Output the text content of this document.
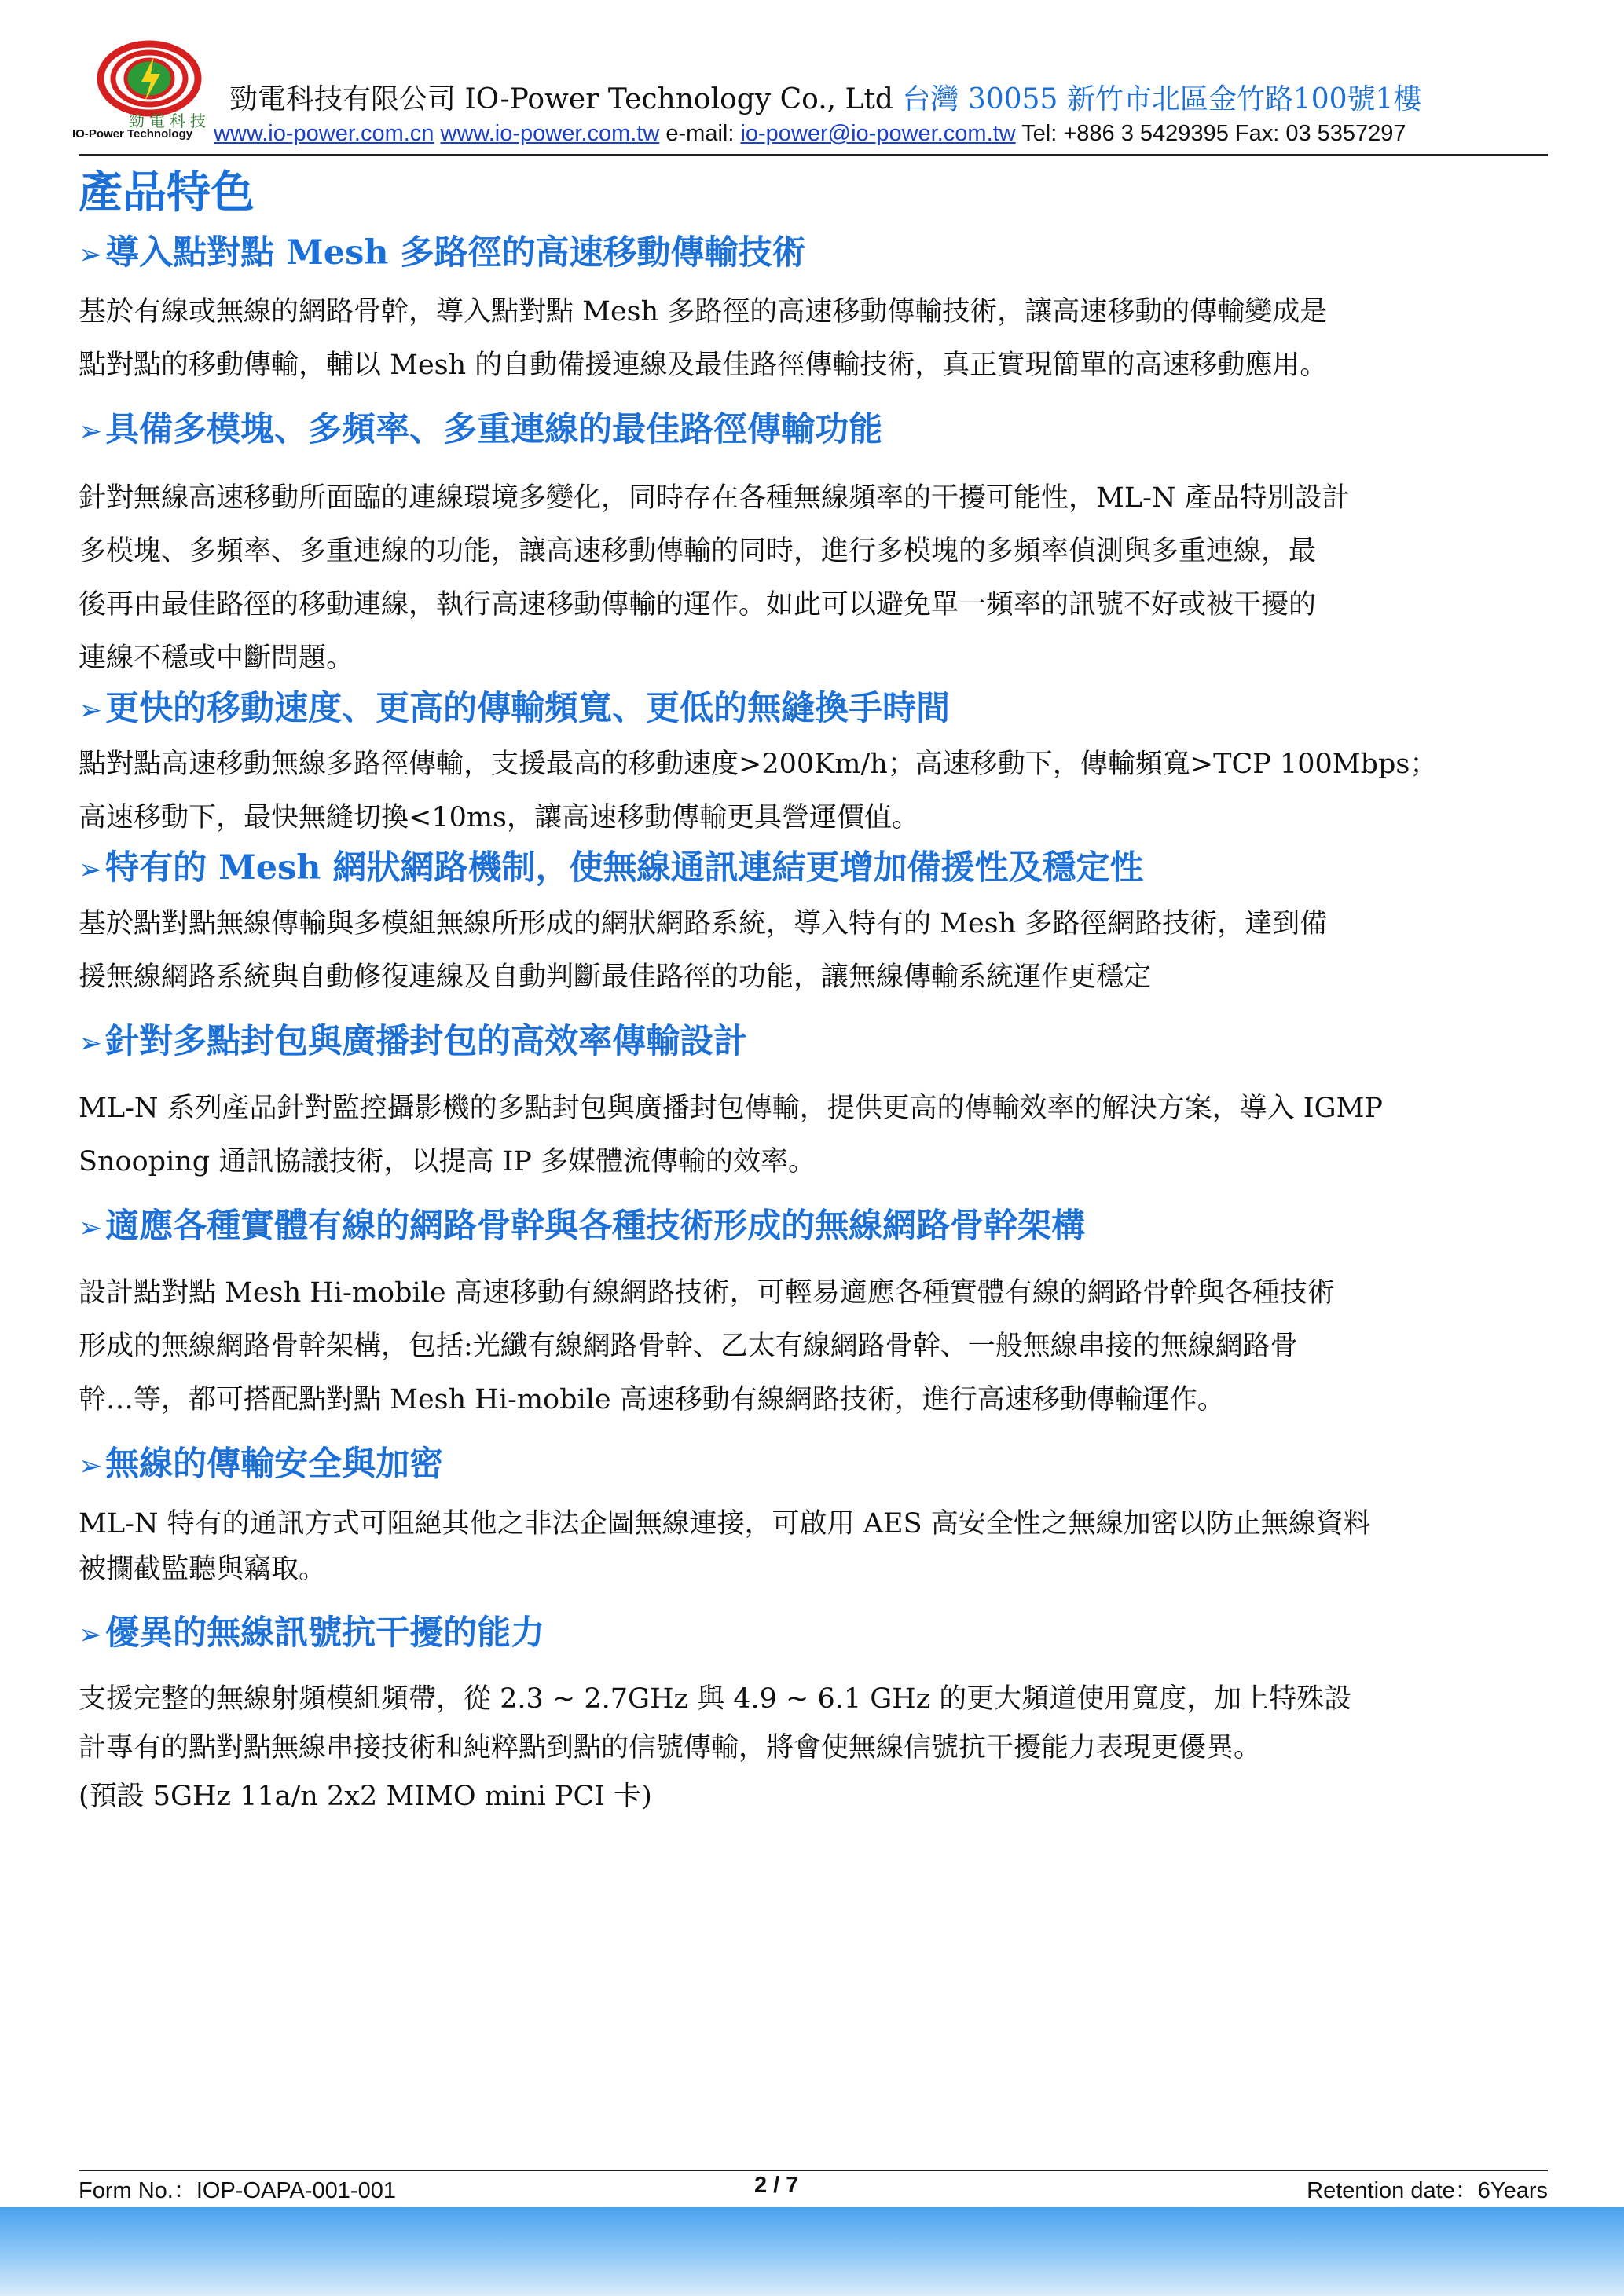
勁電科技
IO-Power Technology
勁電科技有限公司 IO-Power Technology Co., Ltd 台灣 30055 新竹市北區金竹路100號1樓
www.io-power.com.cn www.io-power.com.tw e-mail: io-power@io-power.com.tw Tel: +886 3 5429395 Fax: 03 5357297
產品特色
➢導入點對點 Mesh 多路徑的高速移動傳輸技術

基於有線或無線的網路骨幹，導入點對點 Mesh 多路徑的高速移動傳輸技術，讓高速移動的傳輸變成是
點對點的移動傳輸，輔以 Mesh 的自動備援連線及最佳路徑傳輸技術，真正實現簡單的高速移動應用。

➢具備多模塊、多頻率、多重連線的最佳路徑傳輸功能

針對無線高速移動所面臨的連線環境多變化，同時存在各種無線頻率的干擾可能性，ML-N 產品特別設計
多模塊、多頻率、多重連線的功能，讓高速移動傳輸的同時，進行多模塊的多頻率偵測與多重連線，最
後再由最佳路徑的移動連線，執行高速移動傳輸的運作。如此可以避免單一頻率的訊號不好或被干擾的
連線不穩或中斷問題。

➢更快的移動速度、更高的傳輸頻寬、更低的無縫換手時間

點對點高速移動無線多路徑傳輸，支援最高的移動速度>200Km/h；高速移動下，傳輸頻寬>TCP 100Mbps；
高速移動下，最快無縫切換<10ms，讓高速移動傳輸更具營運價值。

➢特有的 Mesh 網狀網路機制，使無線通訊連結更增加備援性及穩定性

基於點對點無線傳輸與多模組無線所形成的網狀網路系統，導入特有的 Mesh 多路徑網路技術，達到備
援無線網路系統與自動修復連線及自動判斷最佳路徑的功能，讓無線傳輸系統運作更穩定

➢針對多點封包與廣播封包的高效率傳輸設計

ML-N 系列產品針對監控攝影機的多點封包與廣播封包傳輸，提供更高的傳輸效率的解決方案，導入 IGMP
Snooping 通訊協議技術，以提高 IP 多媒體流傳輸的效率。

➢適應各種實體有線的網路骨幹與各種技術形成的無線網路骨幹架構

設計點對點 Mesh Hi-mobile 高速移動有線網路技術，可輕易適應各種實體有線的網路骨幹與各種技術
形成的無線網路骨幹架構，包括:光纖有線網路骨幹、乙太有線網路骨幹、一般無線串接的無線網路骨
幹…等，都可搭配點對點 Mesh Hi-mobile 高速移動有線網路技術，進行高速移動傳輸運作。

➢無線的傳輸安全與加密

ML-N 特有的通訊方式可阻絕其他之非法企圖無線連接，可啟用 AES 高安全性之無線加密以防止無線資料
被攔截監聽與竊取。

➢優異的無線訊號抗干擾的能力

支援完整的無線射頻模組頻帶，從 2.3 ~ 2.7GHz 與 4.9 ~ 6.1 GHz 的更大頻道使用寬度，加上特殊設
計專有的點對點無線串接技術和純粹點到點的信號傳輸，將會使無線信號抗干擾能力表現更優異。
(預設 5GHz 11a/n 2x2 MIMO mini PCI 卡)

Form No.：IOP-OAPA-001-001	2 / 7	Retention date：6Years
